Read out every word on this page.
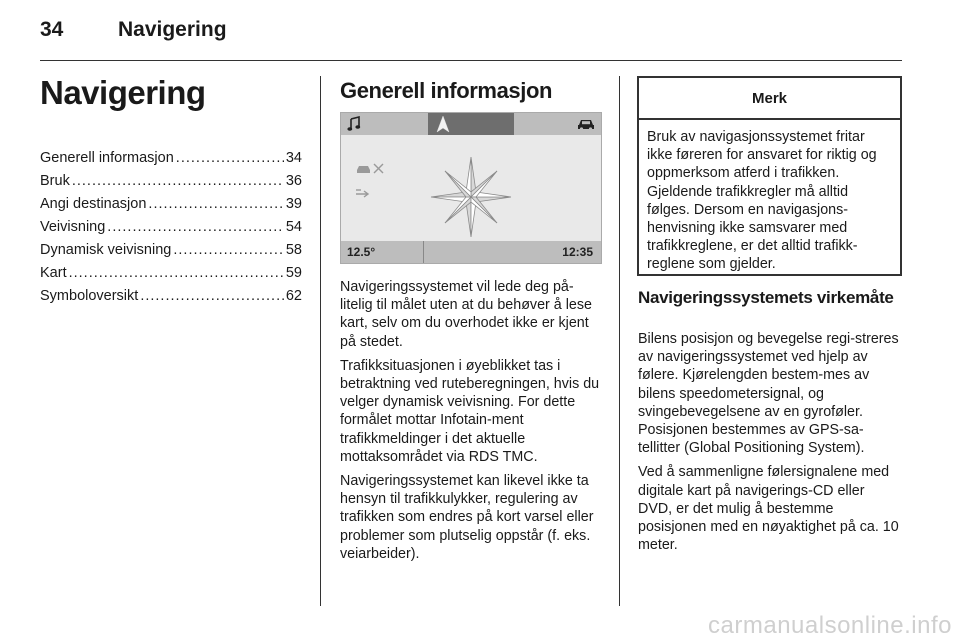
34	Navigering
Navigering
Generell informasjon .....	34
Bruk .....	36
Angi destinasjon .....	39
Veivisning .....	54
Dynamisk veivisning .....	58
Kart .....	59
Symboloversikt .....	62
Generell informasjon
12.5°	12:35

Navigeringssystemet vil lede deg på-litelig til målet uten at du behøver å lese kart, selv om du overhodet ikke er kjent på stedet.

Trafikksituasjonen i øyeblikket tas i betraktning ved ruteberegningen, hvis du velger dynamisk veivisning. For dette formålet mottar Infotain-ment trafikkmeldinger i det aktuelle mottaksområdet via RDS TMC.

Navigeringssystemet kan likevel ikke ta hensyn til trafikkulykker, regulering av trafikken som endres på kort varsel eller problemer som plutselig oppstår (f. eks. veiarbeider).

Merk
Bruk av navigasjonssystemet fritar ikke føreren for ansvaret for riktig og oppmerksom atferd i trafikken. Gjeldende trafikkregler må alltid følges. Dersom en navigasjons-henvisning ikke samsvarer med trafikkreglene, er det alltid trafikk-reglene som gjelder.
Navigeringssystemets virkemåte

Bilens posisjon og bevegelse regi-streres av navigeringssystemet ved hjelp av følere. Kjørelengden bestem-mes av bilens speedometersignal, og svingebevegelsene av en gyroføler. Posisjonen bestemmes av GPS-sa-tellitter (Global Positioning System).

Ved å sammenligne følersignalene med digitale kart på navigerings-CD eller DVD, er det mulig å bestemme posisjonen med en nøyaktighet på ca. 10 meter.

carmanualsonline.info
